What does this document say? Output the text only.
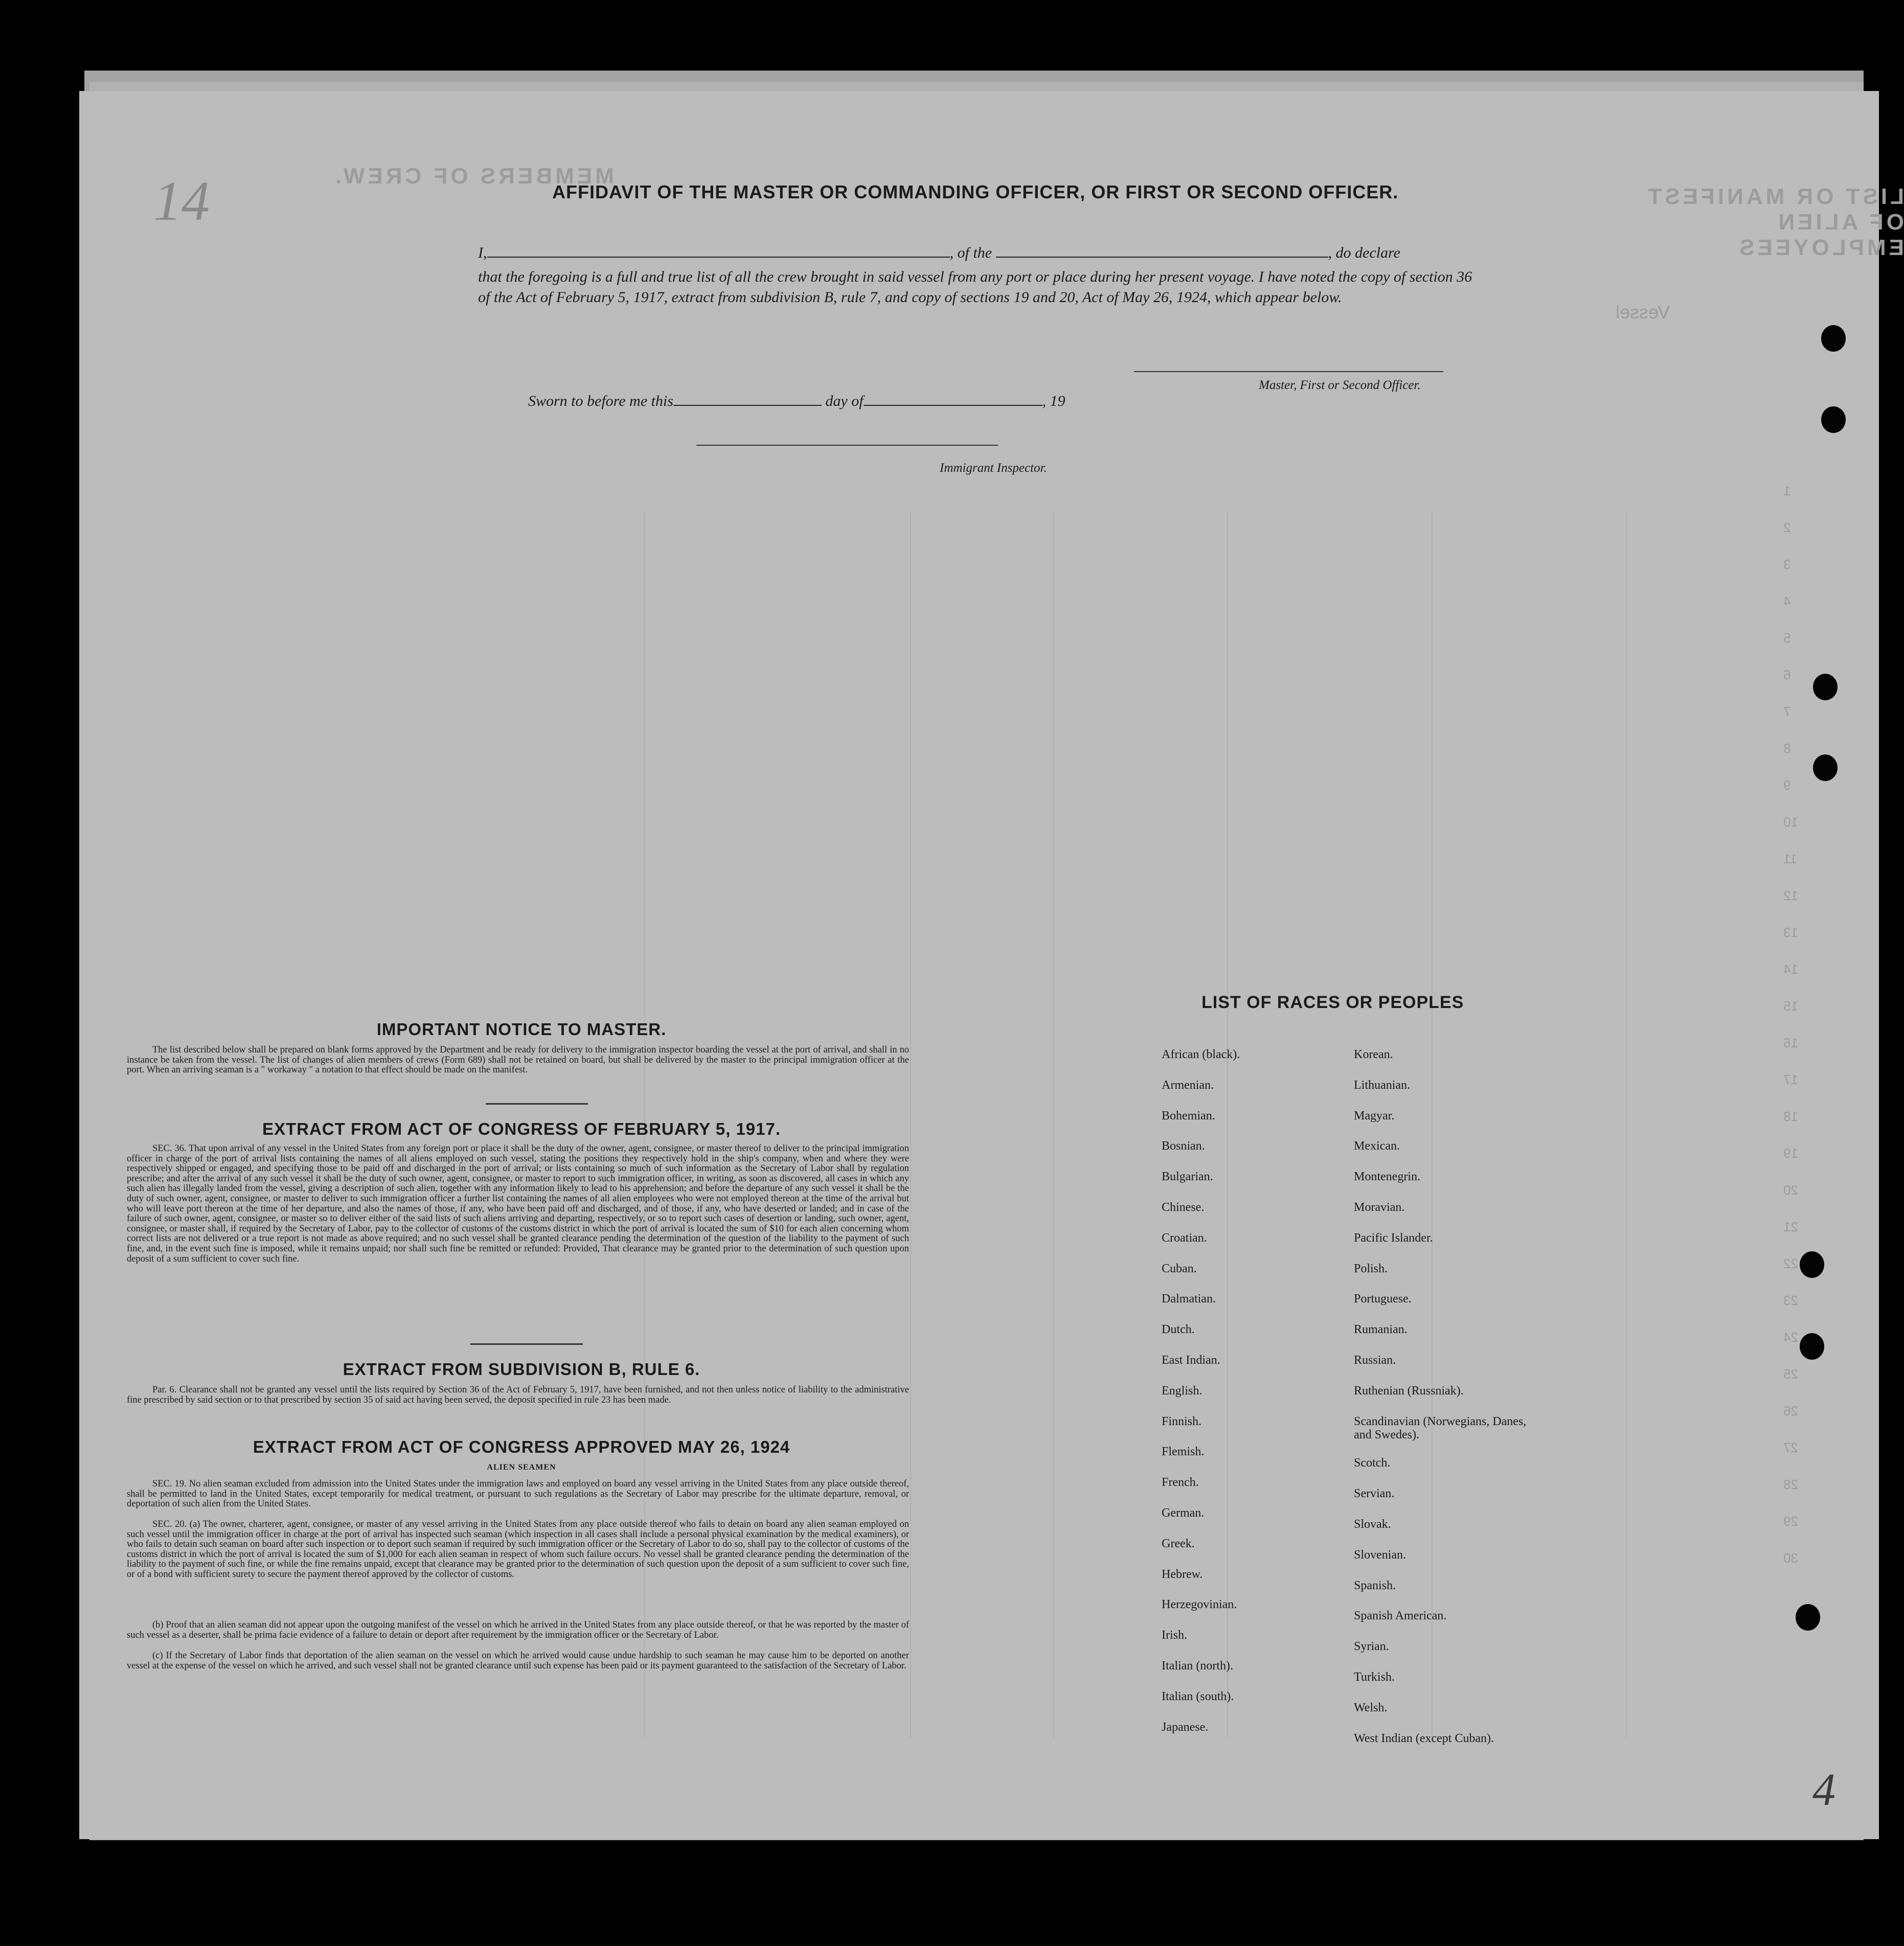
LIST OR MANIFEST OF ALIEN EMPLOYEES
MEMBERS OF CREW.
Vessel
1
2
3
4
5
6
7
8
9
10
11
12
13
14
15
16
17
18
19
20
21
22
23
24
25
26
27
28
29
30
14
4
AFFIDAVIT OF THE MASTER OR COMMANDING OFFICER, OR FIRST OR SECOND OFFICER.
I,	, of the	, do declare
that the foregoing is a full and true list of all the crew brought in said vessel from any port or place during her present voyage. I have noted the copy of section 36 of the Act of February 5, 1917, extract from subdivision B, rule 7, and copy of sections 19 and 20, Act of May 26, 1924, which appear below.
Master, First or Second Officer.
Sworn to before me this	day of	, 19
Immigrant Inspector.
IMPORTANT NOTICE TO MASTER.
The list described below shall be prepared on blank forms approved by the Department and be ready for delivery to the immigration inspector boarding the vessel at the port of arrival, and shall in no instance be taken from the vessel. The list of changes of alien members of crews (Form 689) shall not be retained on board, but shall be delivered by the master to the principal immigration officer at the port. When an arriving seaman is a " workaway " a notation to that effect should be made on the manifest.
EXTRACT FROM ACT OF CONGRESS OF FEBRUARY 5, 1917.
SEC. 36. That upon arrival of any vessel in the United States from any foreign port or place it shall be the duty of the owner, agent, consignee, or master thereof to deliver to the principal immigration officer in charge of the port of arrival lists containing the names of all aliens employed on such vessel, stating the positions they respectively hold in the ship's company, when and where they were respectively shipped or engaged, and specifying those to be paid off and discharged in the port of arrival; or lists containing so much of such information as the Secretary of Labor shall by regulation prescribe; and after the arrival of any such vessel it shall be the duty of such owner, agent, consignee, or master to report to such immigration officer, in writing, as soon as discovered, all cases in which any such alien has illegally landed from the vessel, giving a description of such alien, together with any information likely to lead to his apprehension; and before the departure of any such vessel it shall be the duty of such owner, agent, consignee, or master to deliver to such immigration officer a further list containing the names of all alien employees who were not employed thereon at the time of the arrival but who will leave port thereon at the time of her departure, and also the names of those, if any, who have been paid off and discharged, and of those, if any, who have deserted or landed; and in case of the failure of such owner, agent, consignee, or master so to deliver either of the said lists of such aliens arriving and departing, respectively, or so to report such cases of desertion or landing, such owner, agent, consignee, or master shall, if required by the Secretary of Labor, pay to the collector of customs of the customs district in which the port of arrival is located the sum of $10 for each alien concerning whom correct lists are not delivered or a true report is not made as above required; and no such vessel shall be granted clearance pending the determination of the question of the liability to the payment of such fine, and, in the event such fine is imposed, while it remains unpaid; nor shall such fine be remitted or refunded: Provided, That clearance may be granted prior to the determination of such question upon deposit of a sum sufficient to cover such fine.
EXTRACT FROM SUBDIVISION B, RULE 6.
Par. 6. Clearance shall not be granted any vessel until the lists required by Section 36 of the Act of February 5, 1917, have been furnished, and not then unless notice of liability to the administrative fine prescribed by said section or to that prescribed by section 35 of said act having been served, the deposit specified in rule 23 has been made.
EXTRACT FROM ACT OF CONGRESS APPROVED MAY 26, 1924
ALIEN SEAMEN
SEC. 19. No alien seaman excluded from admission into the United States under the immigration laws and employed on board any vessel arriving in the United States from any place outside thereof, shall be permitted to land in the United States, except temporarily for medical treatment, or pursuant to such regulations as the Secretary of Labor may prescribe for the ultimate departure, removal, or deportation of such alien from the United States.
SEC. 20. (a) The owner, charterer, agent, consignee, or master of any vessel arriving in the United States from any place outside thereof who fails to detain on board any alien seaman employed on such vessel until the immigration officer in charge at the port of arrival has inspected such seaman (which inspection in all cases shall include a personal physical examination by the medical examiners), or who fails to detain such seaman on board after such inspection or to deport such seaman if required by such immigration officer or the Secretary of Labor to do so, shall pay to the collector of customs of the customs district in which the port of arrival is located the sum of $1,000 for each alien seaman in respect of whom such failure occurs. No vessel shall be granted clearance pending the determination of the liability to the payment of such fine, or while the fine remains unpaid, except that clearance may be granted prior to the determination of such question upon the deposit of a sum sufficient to cover such fine, or of a bond with sufficient surety to secure the payment thereof approved by the collector of customs.
(b) Proof that an alien seaman did not appear upon the outgoing manifest of the vessel on which he arrived in the United States from any place outside thereof, or that he was reported by the master of such vessel as a deserter, shall be prima facie evidence of a failure to detain or deport after requirement by the immigration officer or the Secretary of Labor.
(c) If the Secretary of Labor finds that deportation of the alien seaman on the vessel on which he arrived would cause undue hardship to such seaman he may cause him to be deported on another vessel at the expense of the vessel on which he arrived, and such vessel shall not be granted clearance until such expense has been paid or its payment guaranteed to the satisfaction of the Secretary of Labor.
LIST OF RACES OR PEOPLES
African (black).
Armenian.
Bohemian.
Bosnian.
Bulgarian.
Chinese.
Croatian.
Cuban.
Dalmatian.
Dutch.
East Indian.
English.
Finnish.
Flemish.
French.
German.
Greek.
Hebrew.
Herzegovinian.
Irish.
Italian (north).
Italian (south).
Japanese.
Korean.
Lithuanian.
Magyar.
Mexican.
Montenegrin.
Moravian.
Pacific Islander.
Polish.
Portuguese.
Rumanian.
Russian.
Ruthenian (Russniak).
Scandinavian (Norwegians, Danes, and Swedes).
Scotch.
Servian.
Slovak.
Slovenian.
Spanish.
Spanish American.
Syrian.
Turkish.
Welsh.
West Indian (except Cuban).
